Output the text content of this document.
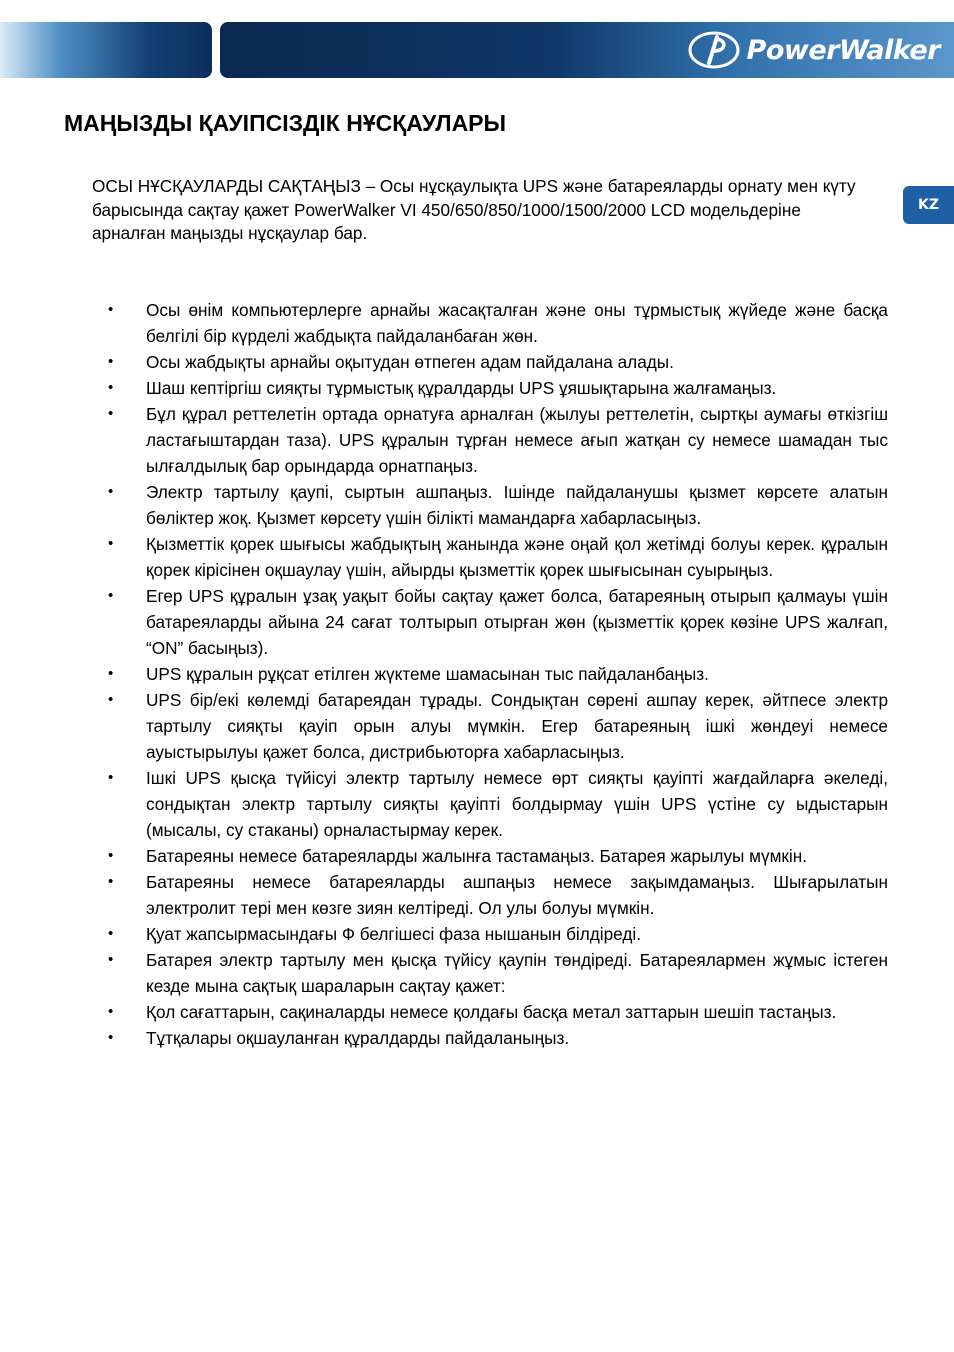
PowerWalker
KZ
МАҢЫЗДЫ ҚАУІПСІЗДІК НҰСҚАУЛАРЫ

ОСЫ НҰСҚАУЛАРДЫ САҚТАҢЫЗ – Осы нұсқаулықта UPS және батареяларды орнату мен күту барысында сақтау қажет PowerWalker VI 450/650/850/1000/1500/2000 LCD модельдеріне арналған маңызды нұсқаулар бар.

• Осы өнім компьютерлерге арнайы жасақталған және оны тұрмыстық жүйеде және басқа белгілі бір күрделі жабдықта пайдаланбаған жөн.
• Осы жабдықты арнайы оқытудан өтпеген адам пайдалана алады.
• Шаш кептіргіш сияқты тұрмыстық құралдарды UPS ұяшықтарына жалғамаңыз.
• Бұл құрал реттелетін ортада орнатуға арналған (жылуы реттелетін, сыртқы аумағы өткізгіш ластағыштардан таза). UPS құралын тұрған немесе ағып жатқан су немесе шамадан тыс ылғалдылық бар орындарда орнатпаңыз.
• Электр тартылу қаупі, сыртын ашпаңыз. Ішінде пайдаланушы қызмет көрсете алатын бөліктер жоқ. Қызмет көрсету үшін білікті мамандарға хабарласыңыз.
• Қызметтік қорек шығысы жабдықтың жанында және оңай қол жетімді болуы керек. құралын қорек кірісінен оқшаулау үшін, айырды қызметтік қорек шығысынан суырыңыз.
• Егер UPS құралын ұзақ уақыт бойы сақтау қажет болса, батареяның отырып қалмауы үшін батареяларды айына 24 сағат толтырып отырған жөн (қызметтік қорек көзіне UPS жалғап, “ON” басыңыз).
• UPS құралын рұқсат етілген жүктеме шамасынан тыс пайдаланбаңыз.
• UPS бір/екі көлемді батареядан тұрады. Сондықтан сөрені ашпау керек, әйтпесе электр тартылу сияқты қауіп орын алуы мүмкін. Егер батареяның ішкі жөндеуі немесе ауыстырылуы қажет болса, дистрибьюторға хабарласыңыз.
• Ішкі UPS қысқа түйісуі электр тартылу немесе өрт сияқты қауіпті жағдайларға әкеледі, сондықтан электр тартылу сияқты қауіпті болдырмау үшін UPS үстіне су ыдыстарын (мысалы, су стаканы) орналастырмау керек.
• Батареяны немесе батареяларды жалынға тастамаңыз. Батарея жарылуы мүмкін.
• Батареяны немесе батареяларды ашпаңыз немесе зақымдамаңыз. Шығарылатын электролит тері мен көзге зиян келтіреді. Ол улы болуы мүмкін.
• Қуат жапсырмасындағы Ф белгішесі фаза нышанын білдіреді.
• Батарея электр тартылу мен қысқа түйісу қаупін төндіреді. Батареялармен жұмыс істеген кезде мына сақтық шараларын сақтау қажет:
• Қол сағаттарын, сақиналарды немесе қолдағы басқа метал заттарын шешіп тастаңыз.
• Тұтқалары оқшауланған құралдарды пайдаланыңыз.
